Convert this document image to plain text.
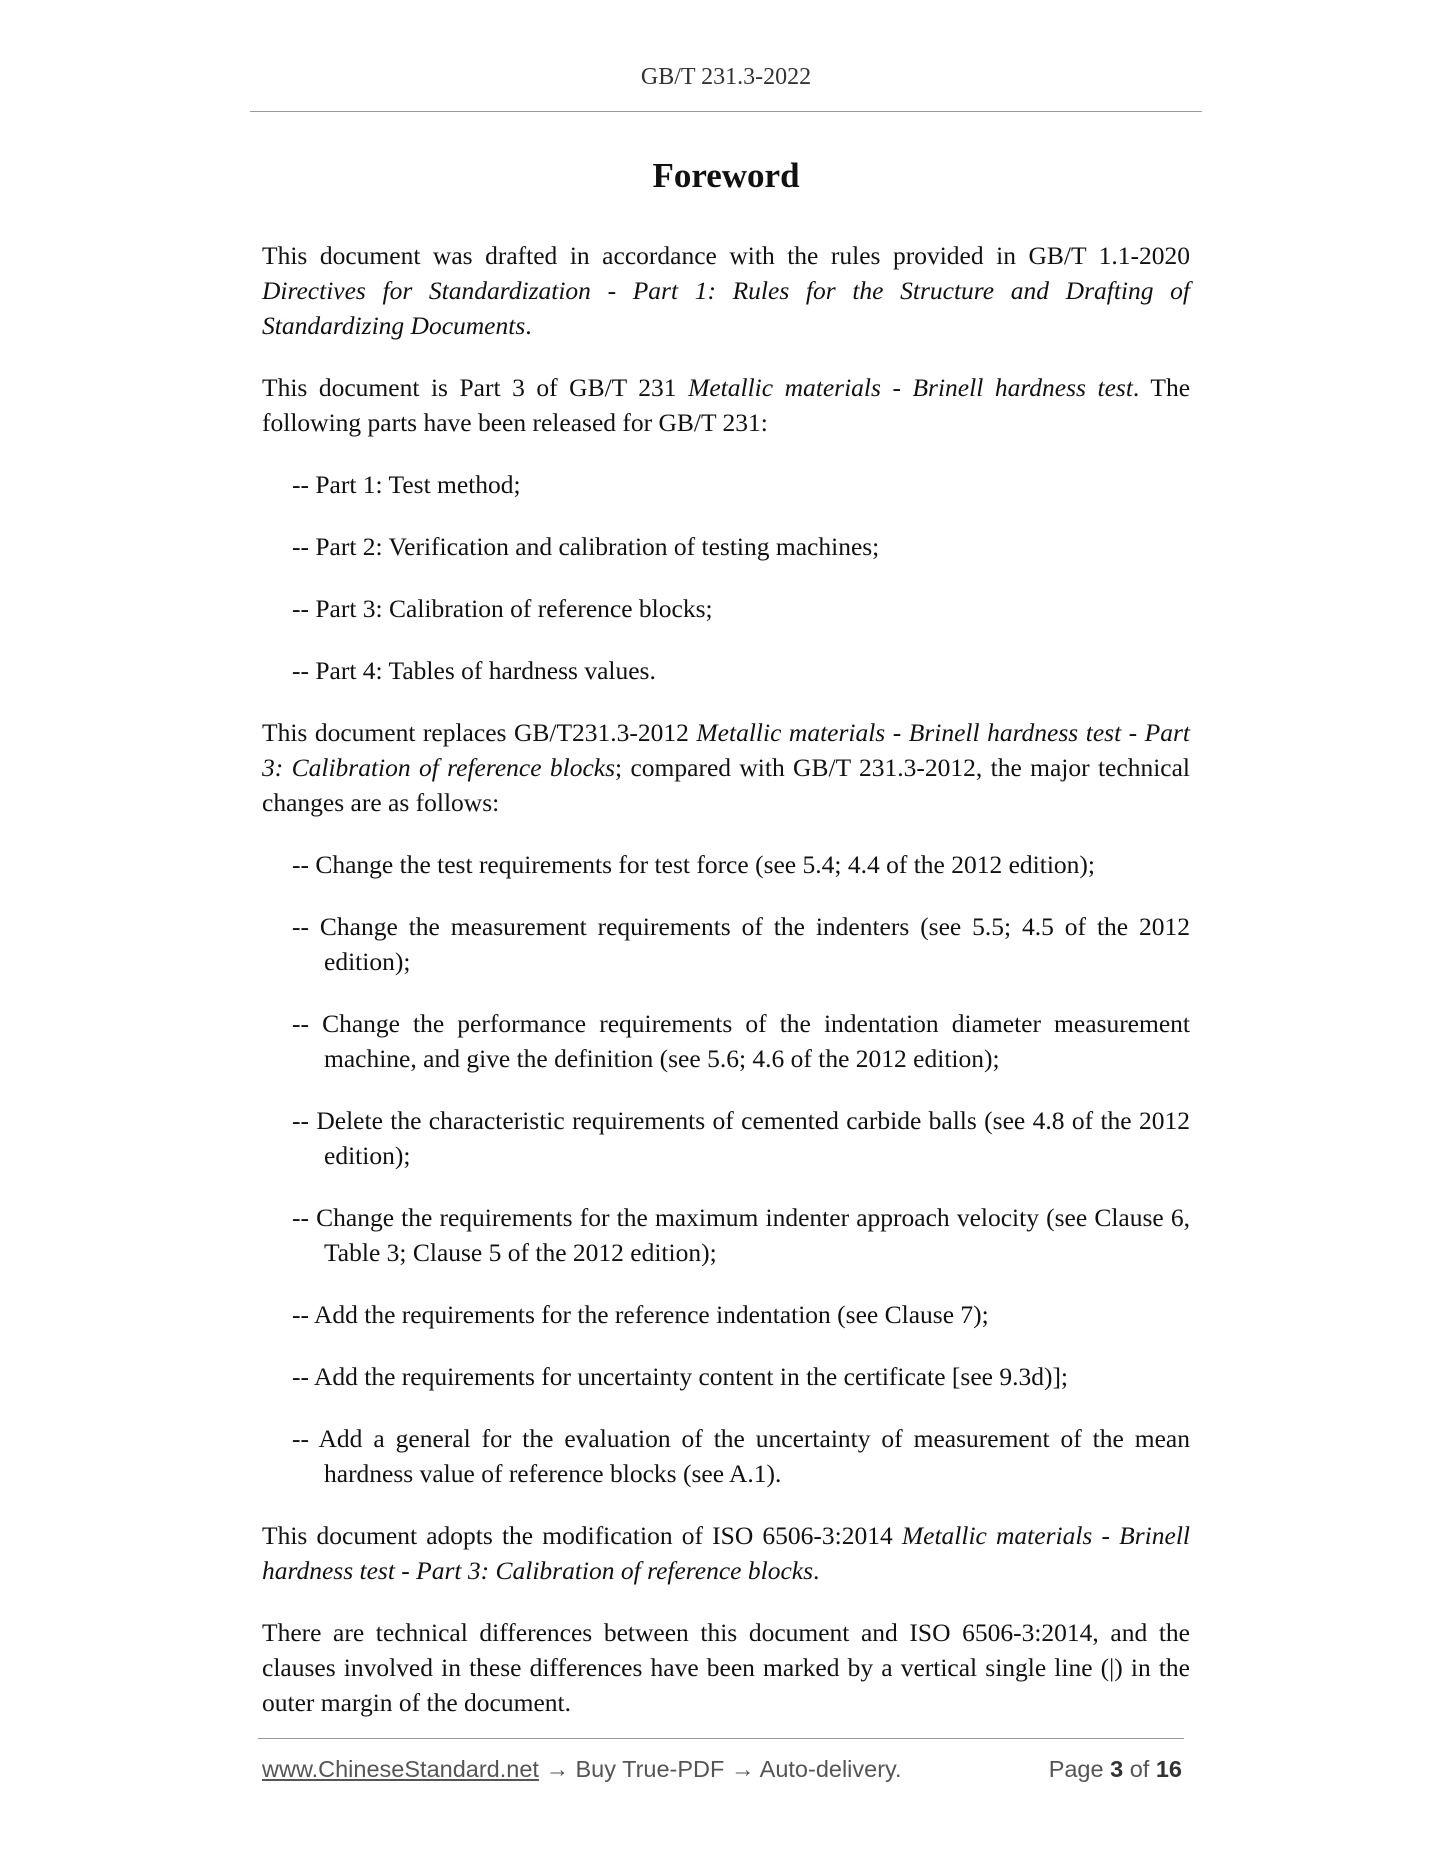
GB/T 231.3-2022
Foreword

This document was drafted in accordance with the rules provided in GB/T 1.1-2020 Directives for Standardization - Part 1: Rules for the Structure and Drafting of Standardizing Documents.

This document is Part 3 of GB/T 231 Metallic materials - Brinell hardness test. The following parts have been released for GB/T 231:

-- Part 1: Test method;

-- Part 2: Verification and calibration of testing machines;

-- Part 3: Calibration of reference blocks;

-- Part 4: Tables of hardness values.

This document replaces GB/T231.3-2012 Metallic materials - Brinell hardness test - Part 3: Calibration of reference blocks; compared with GB/T 231.3-2012, the major technical changes are as follows:

-- Change the test requirements for test force (see 5.4; 4.4 of the 2012 edition);

-- Change the measurement requirements of the indenters (see 5.5; 4.5 of the 2012 edition);

-- Change the performance requirements of the indentation diameter measurement machine, and give the definition (see 5.6; 4.6 of the 2012 edition);

-- Delete the characteristic requirements of cemented carbide balls (see 4.8 of the 2012 edition);

-- Change the requirements for the maximum indenter approach velocity (see Clause 6, Table 3; Clause 5 of the 2012 edition);

-- Add the requirements for the reference indentation (see Clause 7);

-- Add the requirements for uncertainty content in the certificate [see 9.3d)];

-- Add a general for the evaluation of the uncertainty of measurement of the mean hardness value of reference blocks (see A.1).

This document adopts the modification of ISO 6506-3:2014 Metallic materials - Brinell hardness test - Part 3: Calibration of reference blocks.

There are technical differences between this document and ISO 6506-3:2014, and the clauses involved in these differences have been marked by a vertical single line (|) in the outer margin of the document.

www.ChineseStandard.net → Buy True-PDF → Auto-delivery.	Page 3 of 16
